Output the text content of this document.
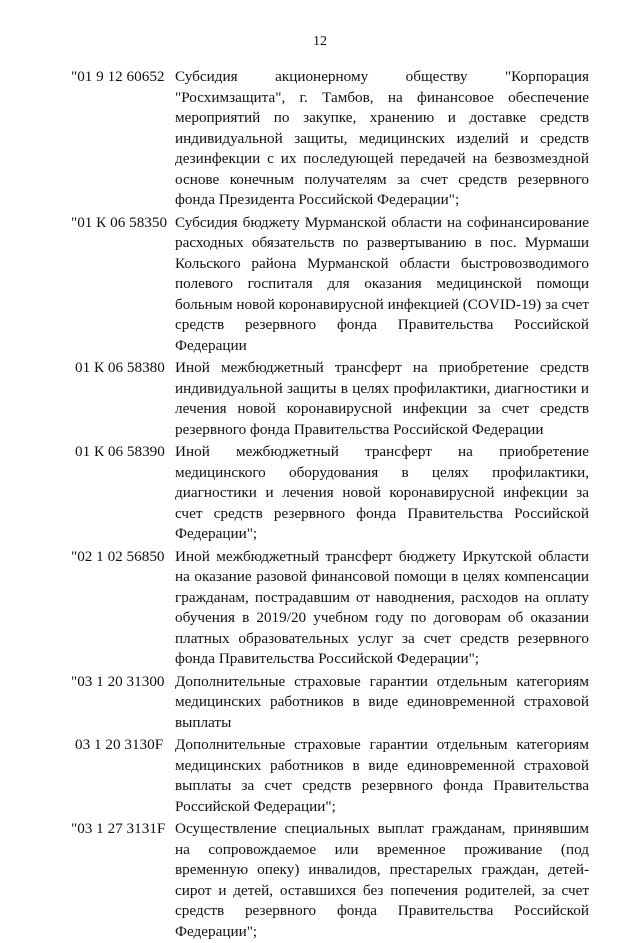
12
"01 9 12 60652 Субсидия акционерному обществу "Корпорация "Росхимзащита", г. Тамбов, на финансовое обеспечение мероприятий по закупке, хранению и доставке средств индивидуальной защиты, медицинских изделий и средств дезинфекции с их последующей передачей на безвозмездной основе конечным получателям за счет средств резервного фонда Президента Российской Федерации";
"01 К 06 58350 Субсидия бюджету Мурманской области на софинансирование расходных обязательств по развертыванию в пос. Мурмаши Кольского района Мурманской области быстровозводимого полевого госпиталя для оказания медицинской помощи больным новой коронавирусной инфекцией (COVID-19) за счет средств резервного фонда Правительства Российской Федерации
01 К 06 58380 Иной межбюджетный трансферт на приобретение средств индивидуальной защиты в целях профилактики, диагностики и лечения новой коронавирусной инфекции за счет средств резервного фонда Правительства Российской Федерации
01 К 06 58390 Иной межбюджетный трансферт на приобретение медицинского оборудования в целях профилактики, диагностики и лечения новой коронавирусной инфекции за счет средств резервного фонда Правительства Российской Федерации";
"02 1 02 56850 Иной межбюджетный трансферт бюджету Иркутской области на оказание разовой финансовой помощи в целях компенсации гражданам, пострадавшим от наводнения, расходов на оплату обучения в 2019/20 учебном году по договорам об оказании платных образовательных услуг за счет средств резервного фонда Правительства Российской Федерации";
"03 1 20 31300 Дополнительные страховые гарантии отдельным категориям медицинских работников в виде единовременной страховой выплаты
03 1 20 3130F Дополнительные страховые гарантии отдельным категориям медицинских работников в виде единовременной страховой выплаты за счет средств резервного фонда Правительства Российской Федерации";
"03 1 27 3131F Осуществление специальных выплат гражданам, принявшим на сопровождаемое или временное проживание (под временную опеку) инвалидов, престарелых граждан, детей-сирот и детей, оставшихся без попечения родителей, за счет средств резервного фонда Правительства Российской Федерации";
